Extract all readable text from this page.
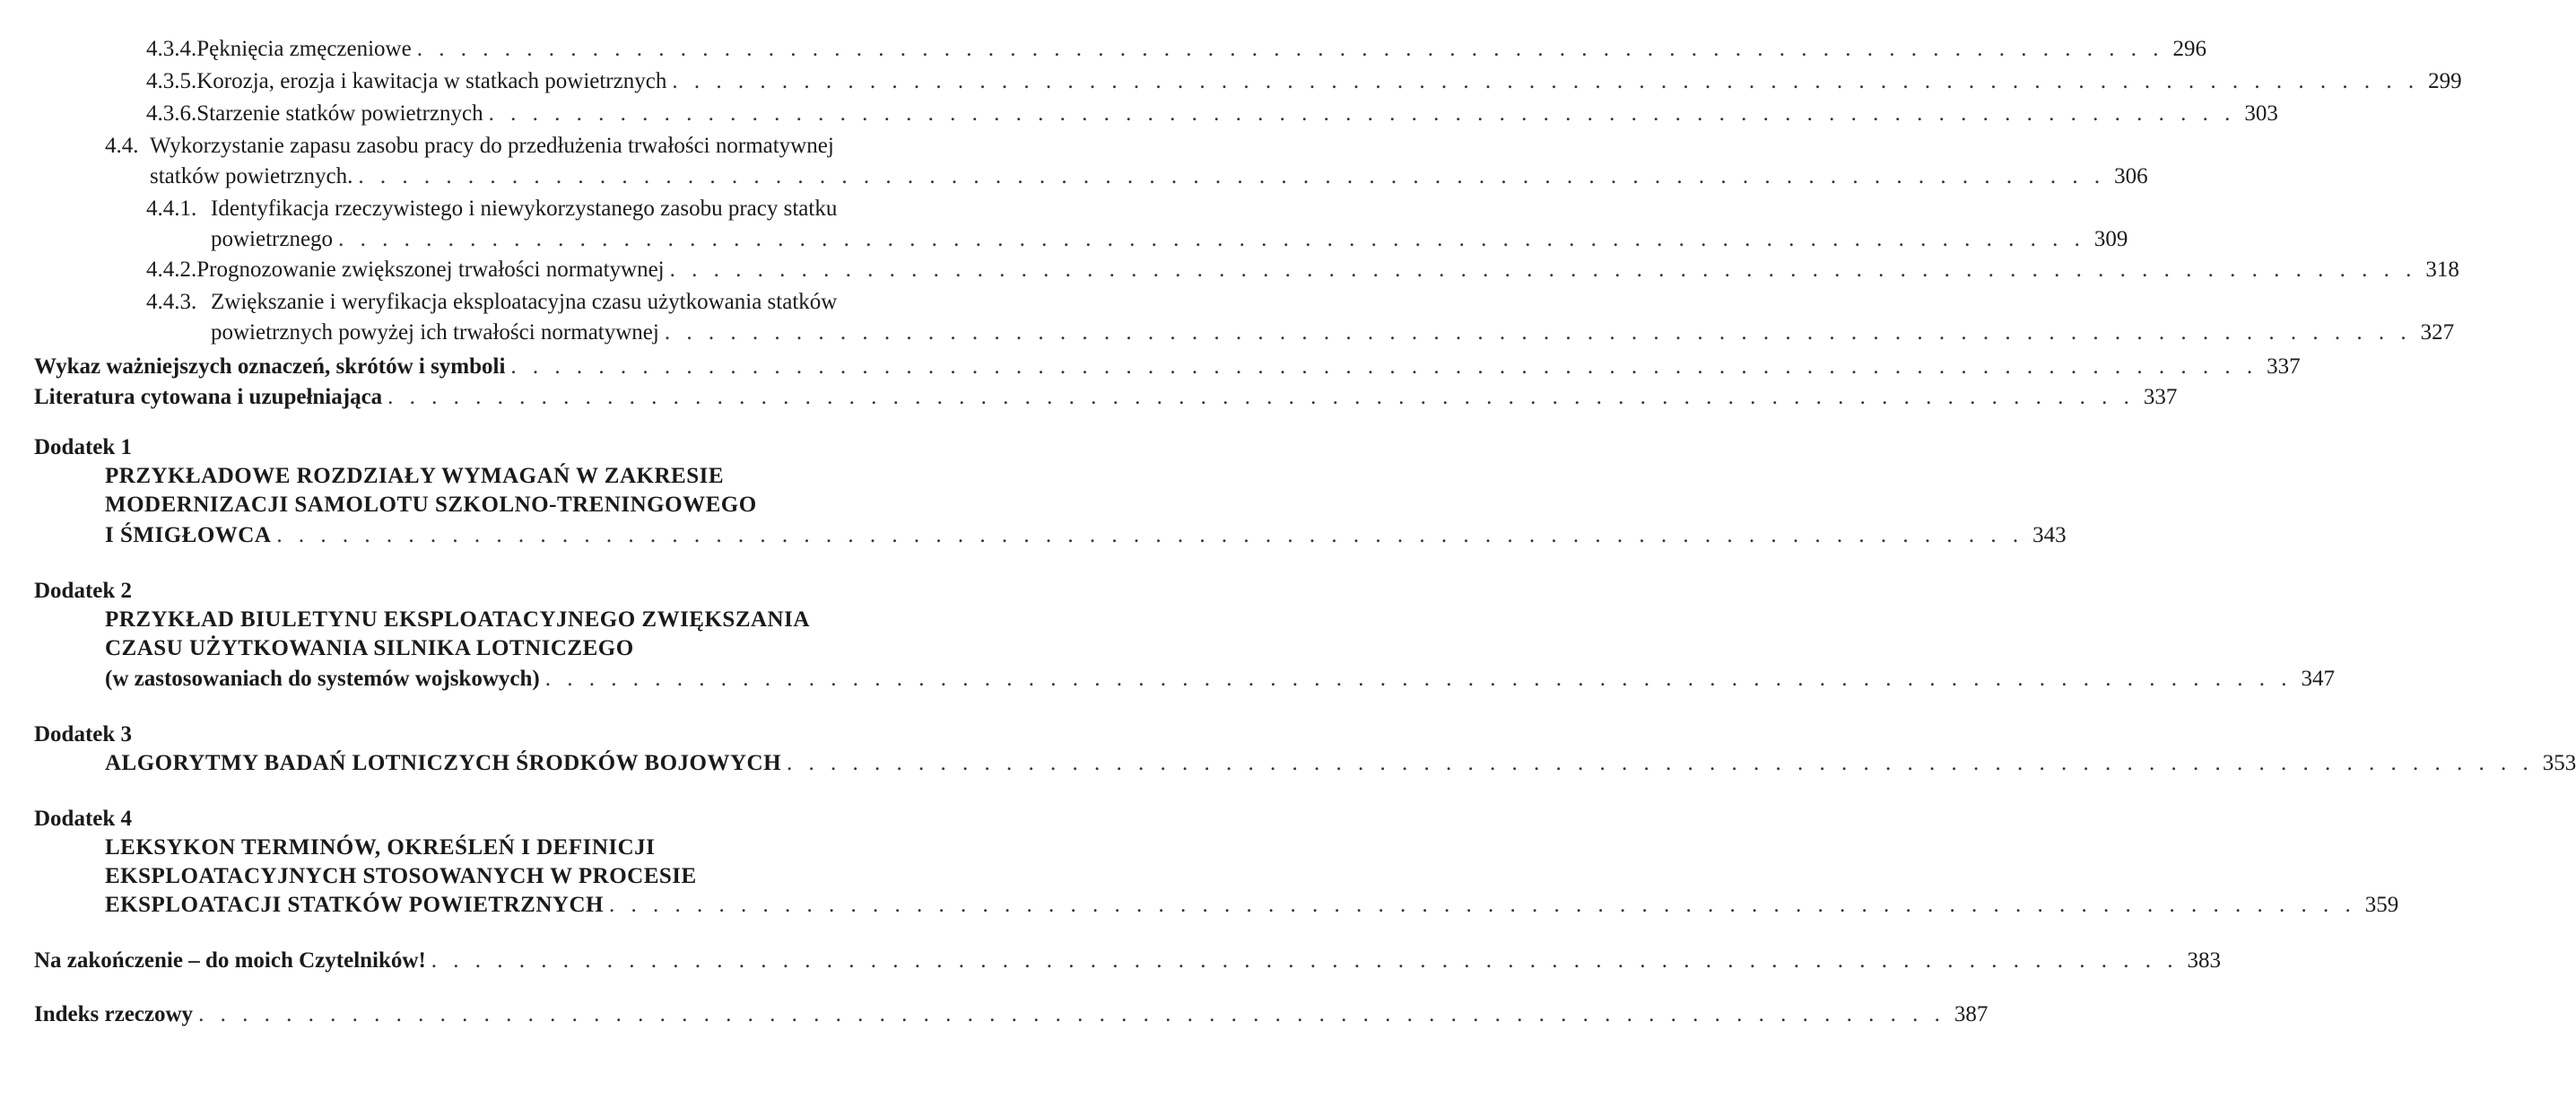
4.3.4. Pęknięcia zmęczeniowe . . . . . . . . . . . . . . . . . . . . . . . . . . . . . . . . . . . . . . . . . . . . . . . . . . . . . . . . . . . . . . . . . . . . . . . . . . . . . . . . 296
4.3.5. Korozja, erozja i kawitacja w statkach powietrznych . . . . . . . . . . . . . . . . . . . . . . . . . . . . . . . . . . . . . . . . . . . . . . . . . . . . . . . . . . . . . . . . . . . . . . . . . . . . . . . . 299
4.3.6. Starzenie statków powietrznych . . . . . . . . . . . . . . . . . . . . . . . . . . . . . . . . . . . . . . . . . . . . . . . . . . . . . . . . . . . . . . . . . . . . . . . . . . . . . . . . 303
4.4. Wykorzystanie zapasu zasobu pracy do przedłużenia trwałości normatywnej
statków powietrznych. . . . . . . . . . . . . . . . . . . . . . . . . . . . . . . . . . . . . . . . . . . . . . . . . . . . . . . . . . . . . . . . . . . . . . . . . . . . . . . . . 306
4.4.1. Identyfikacja rzeczywistego i niewykorzystanego zasobu pracy statku
powietrznego . . . . . . . . . . . . . . . . . . . . . . . . . . . . . . . . . . . . . . . . . . . . . . . . . . . . . . . . . . . . . . . . . . . . . . . . . . . . . . . . 309
4.4.2. Prognozowanie zwiększonej trwałości normatywnej . . . . . . . . . . . . . . . . . . . . . . . . . . . . . . . . . . . . . . . . . . . . . . . . . . . . . . . . . . . . . . . . . . . . . . . . . . . . . . . . 318
4.4.3. Zwiększanie i weryfikacja eksploatacyjna czasu użytkowania statków
powietrznych powyżej ich trwałości normatywnej . . . . . . . . . . . . . . . . . . . . . . . . . . . . . . . . . . . . . . . . . . . . . . . . . . . . . . . . . . . . . . . . . . . . . . . . . . . . . . . . 327
Wykaz ważniejszych oznaczeń, skrótów i symboli . . . . . . . . . . . . . . . . . . . . . . . . . . . . . . . . . . . . . . . . . . . . . . . . . . . . . . . . . . . . . . . . . . . . . . . . . . . . . . . . 337
Literatura cytowana i uzupełniająca . . . . . . . . . . . . . . . . . . . . . . . . . . . . . . . . . . . . . . . . . . . . . . . . . . . . . . . . . . . . . . . . . . . . . . . . . . . . . . . . 337
Dodatek 1
PRZYKŁADOWE ROZDZIAŁY WYMAGAŃ W ZAKRESIE
MODERNIZACJI SAMOLOTU SZKOLNO-TRENINGOWEGO
I ŚMIGŁOWCA . . . . . . . . . . . . . . . . . . . . . . . . . . . . . . . . . . . . . . . . . . . . . . . . . . . . . . . . . . . . . . . . . . . . . . . . . . . . . . . . 343
Dodatek 2
PRZYKŁAD BIULETYNU EKSPLOATACYJNEGO ZWIĘKSZANIA
CZASU UŻYTKOWANIA SILNIKA LOTNICZEGO
(w zastosowaniach do systemów wojskowych) . . . . . . . . . . . . . . . . . . . . . . . . . . . . . . . . . . . . . . . . . . . . . . . . . . . . . . . . . . . . . . . . . . . . . . . . . . . . . . . . 347
Dodatek 3
ALGORYTMY BADAŃ LOTNICZYCH ŚRODKÓW BOJOWYCH . . . . . . . . . . . . . . . . . . . . . . . . . . . . . . . . . . . . . . . . . . . . . . . . . . . . . . . . . . . . . . . . . . . . . . . . . . . . . . . . 353
Dodatek 4
LEKSYKON TERMINÓW, OKREŚLEŃ I DEFINICJI
EKSPLOATACYJNYCH STOSOWANYCH W PROCESIE
EKSPLOATACJI STATKÓW POWIETRZNYCH . . . . . . . . . . . . . . . . . . . . . . . . . . . . . . . . . . . . . . . . . . . . . . . . . . . . . . . . . . . . . . . . . . . . . . . . . . . . . . . . 359
Na zakończenie – do moich Czytelników! . . . . . . . . . . . . . . . . . . . . . . . . . . . . . . . . . . . . . . . . . . . . . . . . . . . . . . . . . . . . . . . . . . . . . . . . . . . . . . . . 383
Indeks rzeczowy . . . . . . . . . . . . . . . . . . . . . . . . . . . . . . . . . . . . . . . . . . . . . . . . . . . . . . . . . . . . . . . . . . . . . . . . . . . . . . . . 387
